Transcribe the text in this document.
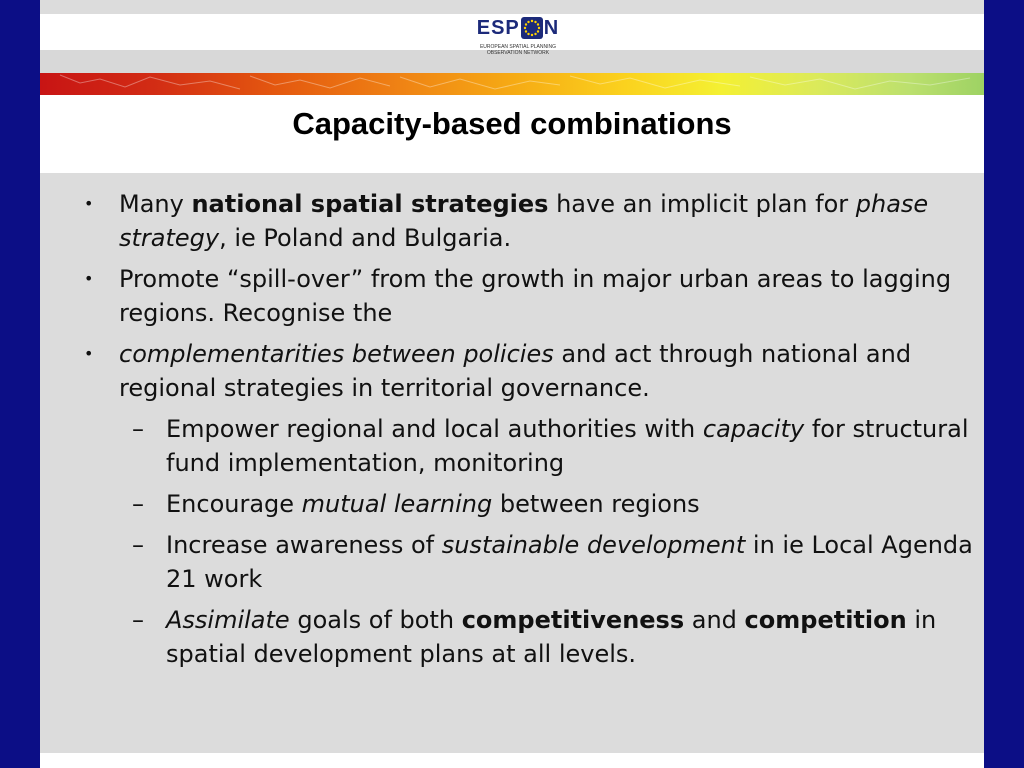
ESP N
EUROPEAN SPATIAL PLANNING
OBSERVATION NETWORK
Capacity-based combinations
• Many national spatial strategies have an implicit plan for phase strategy, ie Poland and Bulgaria.
• Promote “spill-over” from the growth in major urban areas to lagging regions. Recognise the
• complementarities between policies and act through national and regional strategies in territorial governance.
– Empower regional and local authorities with capacity for structural fund implementation, monitoring
– Encourage mutual learning between regions
– Increase awareness of sustainable development in ie Local Agenda 21 work
– Assimilate goals of both competitiveness and competition in spatial development plans at all levels.
